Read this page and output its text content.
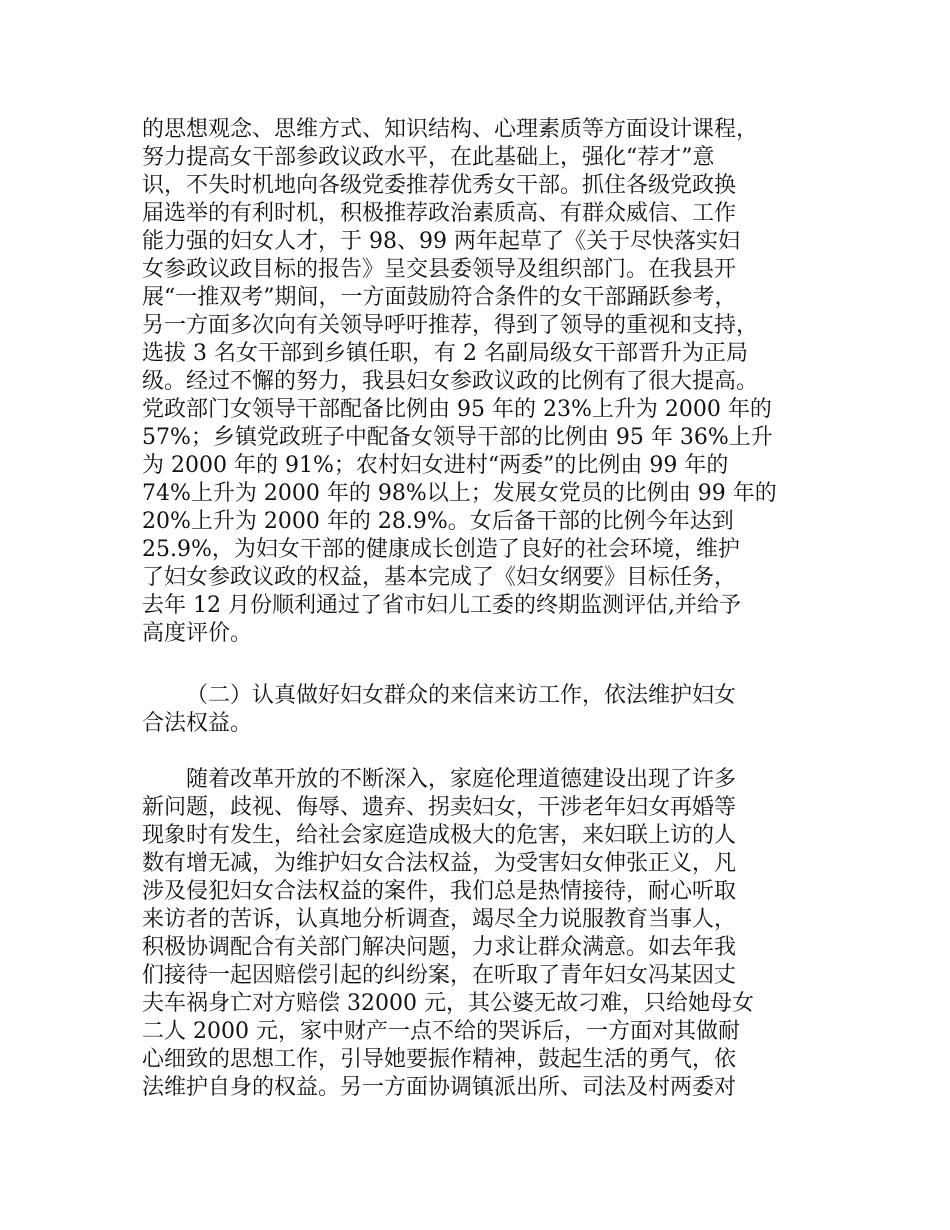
的思想观念、思维方式、知识结构、心理素质等方面设计课程，
努力提高女干部参政议政水平，在此基础上，强化“荐才”意
识，不失时机地向各级党委推荐优秀女干部。抓住各级党政换
届选举的有利时机，积极推荐政治素质高、有群众威信、工作
能力强的妇女人才，于 98、99 两年起草了《关于尽快落实妇
女参政议政目标的报告》呈交县委领导及组织部门。在我县开
展“一推双考”期间，一方面鼓励符合条件的女干部踊跃参考，
另一方面多次向有关领导呼吁推荐，得到了领导的重视和支持，
选拔 3 名女干部到乡镇任职，有 2 名副局级女干部晋升为正局
级。经过不懈的努力，我县妇女参政议政的比例有了很大提高。
党政部门女领导干部配备比例由 95 年的 23%上升为 2000 年的
57%；乡镇党政班子中配备女领导干部的比例由 95 年 36%上升
为 2000 年的 91%；农村妇女进村“两委”的比例由 99 年的
74%上升为 2000 年的 98%以上；发展女党员的比例由 99 年的
20%上升为 2000 年的 28.9%。女后备干部的比例今年达到
25.9%，为妇女干部的健康成长创造了良好的社会环境，维护
了妇女参政议政的权益，基本完成了《妇女纲要》目标任务，
去年 12 月份顺利通过了省市妇儿工委的终期监测评估,并给予
高度评价。
（二）认真做好妇女群众的来信来访工作，依法维护妇女
合法权益。
随着改革开放的不断深入，家庭伦理道德建设出现了许多
新问题，歧视、侮辱、遗弃、拐卖妇女，干涉老年妇女再婚等
现象时有发生，给社会家庭造成极大的危害，来妇联上访的人
数有增无减，为维护妇女合法权益，为受害妇女伸张正义，凡
涉及侵犯妇女合法权益的案件，我们总是热情接待，耐心听取
来访者的苦诉，认真地分析调查，竭尽全力说服教育当事人，
积极协调配合有关部门解决问题，力求让群众满意。如去年我
们接待一起因赔偿引起的纠纷案，在听取了青年妇女冯某因丈
夫车祸身亡对方赔偿 32000 元，其公婆无故刁难，只给她母女
二人 2000 元，家中财产一点不给的哭诉后，一方面对其做耐
心细致的思想工作，引导她要振作精神，鼓起生活的勇气，依
法维护自身的权益。另一方面协调镇派出所、司法及村两委对
